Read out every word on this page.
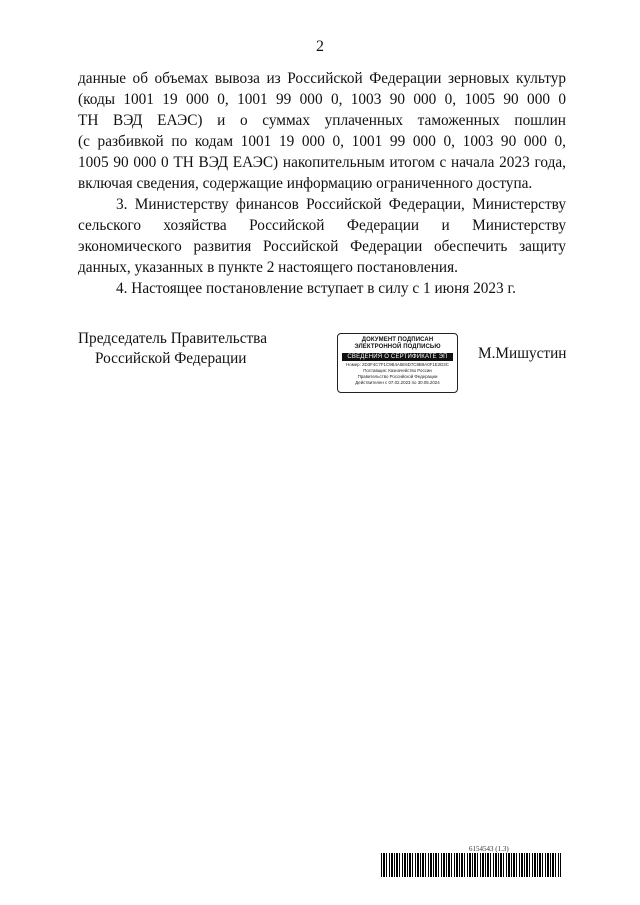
2
данные об объемах вывоза из Российской Федерации зерновых культур
(коды 1001 19 000 0, 1001 99 000 0, 1003 90 000 0, 1005 90 000 0
ТН ВЭД ЕАЭС) и о суммах уплаченных таможенных пошлин
(с разбивкой по кодам 1001 19 000 0, 1001 99 000 0, 1003 90 000 0,
1005 90 000 0 ТН ВЭД ЕАЭС) накопительным итогом с начала 2023 года,
включая сведения, содержащие информацию ограниченного доступа.
3. Министерству финансов Российской Федерации, Министерству
сельского хозяйства Российской Федерации и Министерству
экономического развития Российской Федерации обеспечить защиту
данных, указанных в пункте 2 настоящего постановления.
4. Настоящее постановление вступает в силу с 1 июня 2023 г.
Председатель Правительства
Российской Федерации
ДОКУМЕНТ ПОДПИСАН
ЭЛЕКТРОННОЙ ПОДПИСЬЮ
СВЕДЕНИЯ О СЕРТИФИКАТЕ ЭП
Номер: 2D3F4C7F1C9B4A5E6D7C8B9A0F1E2D3C
Поставщик: Казначейство России
Правительство Российской Федерации
Действителен с 07.02.2023 по 30.05.2024
М.Мишустин
6154543 (1.3)
